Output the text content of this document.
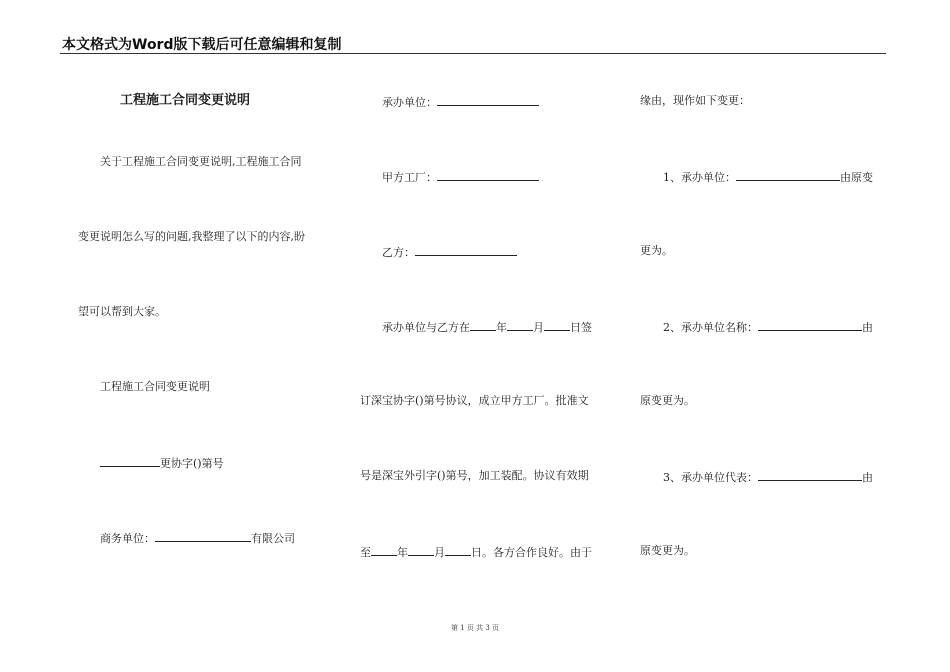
本文格式为Word版下载后可任意编辑和复制

工程施工合同变更说明

关于工程施工合同变更说明,工程施工合同

变更说明怎么写的问题,我整理了以下的内容,盼

望可以帮到大家。

工程施工合同变更说明

更协字()第号

商务单位：	有限公司

承办单位：

甲方工厂：

乙方：

承办单位与乙方在 年 月 日签

订深宝协字()第号协议，成立甲方工厂。批准文

号是深宝外引字()第号，加工装配。协议有效期

至 年 月 日。各方合作良好。由于

缘由，现作如下变更：

1、承办单位：	由原变

更为。

2、承办单位名称：	由

原变更为。

3、承办单位代表：	由

原变更为。

第 1 页 共 3 页
